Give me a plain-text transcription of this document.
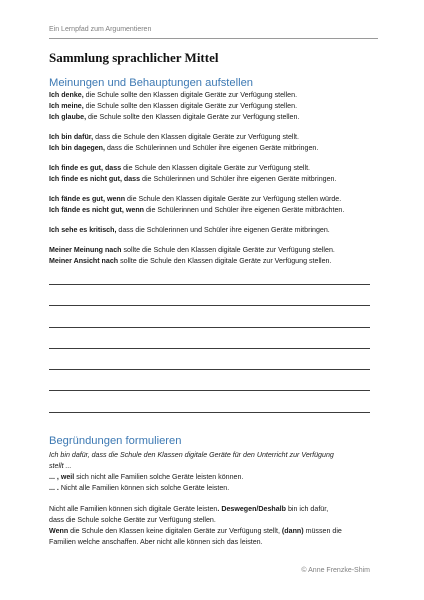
Ein Lernpfad zum Argumentieren
Sammlung sprachlicher Mittel
Meinungen und Behauptungen aufstellen

Ich denke, die Schule sollte den Klassen digitale Geräte zur Verfügung stellen.

Ich meine, die Schule sollte den Klassen digitale Geräte zur Verfügung stellen.

Ich glaube, die Schule sollte den Klassen digitale Geräte zur Verfügung stellen.

Ich bin dafür, dass die Schule den Klassen digitale Geräte zur Verfügung stellt.

Ich bin dagegen, dass die Schülerinnen und Schüler ihre eigenen Geräte mitbringen.

Ich finde es gut, dass die Schule den Klassen digitale Geräte zur Verfügung stellt.

Ich finde es nicht gut, dass die Schülerinnen und Schüler ihre eigenen Geräte mitbringen.

Ich fände es gut, wenn die Schule den Klassen digitale Geräte zur Verfügung stellen würde.

Ich fände es nicht gut, wenn die Schülerinnen und Schüler ihre eigenen Geräte mitbrächten.

Ich sehe es kritisch, dass die Schülerinnen und Schüler ihre eigenen Geräte mitbringen.

Meiner Meinung nach sollte die Schule den Klassen digitale Geräte zur Verfügung stellen.

Meiner Ansicht nach sollte die Schule den Klassen digitale Geräte zur Verfügung stellen.

Begründungen formulieren

Ich bin dafür, dass die Schule den Klassen digitale Geräte für den Unterricht zur Verfügung

stellt ...

... , weil sich nicht alle Familien solche Geräte leisten können.

... . Nicht alle Familien können sich solche Geräte leisten.

Nicht alle Familien können sich digitale Geräte leisten. Deswegen/Deshalb bin ich dafür,

dass die Schule solche Geräte zur Verfügung stellen.

Wenn die Schule den Klassen keine digitalen Geräte zur Verfügung stellt, (dann) müssen die

Familien welche anschaffen. Aber nicht alle können sich das leisten.

© Anne Frenzke-Shim
